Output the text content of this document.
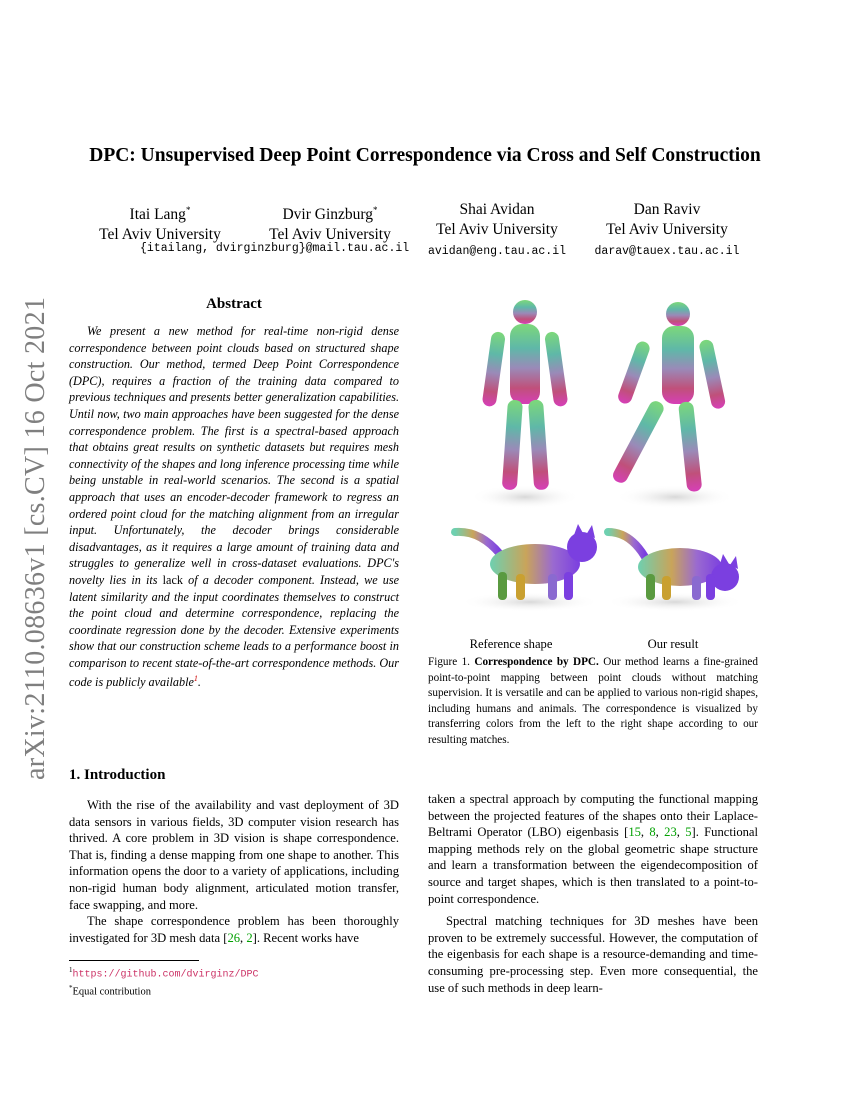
arXiv:2110.08636v1 [cs.CV] 16 Oct 2021
DPC: Unsupervised Deep Point Correspondence via Cross and Self Construction
Itai Lang*
Tel Aviv University
Dvir Ginzburg*
Tel Aviv University
Shai Avidan
Tel Aviv University
avidan@eng.tau.ac.il
Dan Raviv
Tel Aviv University
darav@tauex.tau.ac.il
{itailang, dvirginzburg}@mail.tau.ac.il
Abstract

We present a new method for real-time non-rigid dense correspondence between point clouds based on structured shape construction. Our method, termed Deep Point Correspondence (DPC), requires a fraction of the training data compared to previous techniques and presents better generalization capabilities. Until now, two main approaches have been suggested for the dense correspondence problem. The first is a spectral-based approach that obtains great results on synthetic datasets but requires mesh connectivity of the shapes and long inference processing time while being unstable in real-world scenarios. The second is a spatial approach that uses an encoder-decoder framework to regress an ordered point cloud for the matching alignment from an irregular input. Unfortunately, the decoder brings considerable disadvantages, as it requires a large amount of training data and struggles to generalize well in cross-dataset evaluations. DPC's novelty lies in its lack of a decoder component. Instead, we use latent similarity and the input coordinates themselves to construct the point cloud and determine correspondence, replacing the coordinate regression done by the decoder. Extensive experiments show that our construction scheme leads to a performance boost in comparison to recent state-of-the-art correspondence methods. Our code is publicly available$^1$.

Reference shape	Our result

Figure 1. Correspondence by DPC. Our method learns a fine-grained point-to-point mapping between point clouds without matching supervision. It is versatile and can be applied to various non-rigid shapes, including humans and animals. The correspondence is visualized by transferring colors from the left to the right shape according to our resulting matches.

1. Introduction

With the rise of the availability and vast deployment of 3D data sensors in various fields, 3D computer vision research has thrived. A core problem in 3D vision is shape correspondence. That is, finding a dense mapping from one shape to another. This information opens the door to a variety of applications, including non-rigid human body alignment, articulated motion transfer, face swapping, and more.

The shape correspondence problem has been thoroughly investigated for 3D mesh data [26, 2]. Recent works have

$^1$https://github.com/dvirginz/DPC
*Equal contribution

taken a spectral approach by computing the functional mapping between the projected features of the shapes onto their Laplace-Beltrami Operator (LBO) eigenbasis [15, 8, 23, 5]. Functional mapping methods rely on the global geometric shape structure and learn a transformation between the eigendecomposition of source and target shapes, which is then translated to a point-to-point correspondence.

Spectral matching techniques for 3D meshes have been proven to be extremely successful. However, the computation of the eigenbasis for each shape is a resource-demanding and time-consuming pre-processing step. Even more consequential, the use of such methods in deep learn-
